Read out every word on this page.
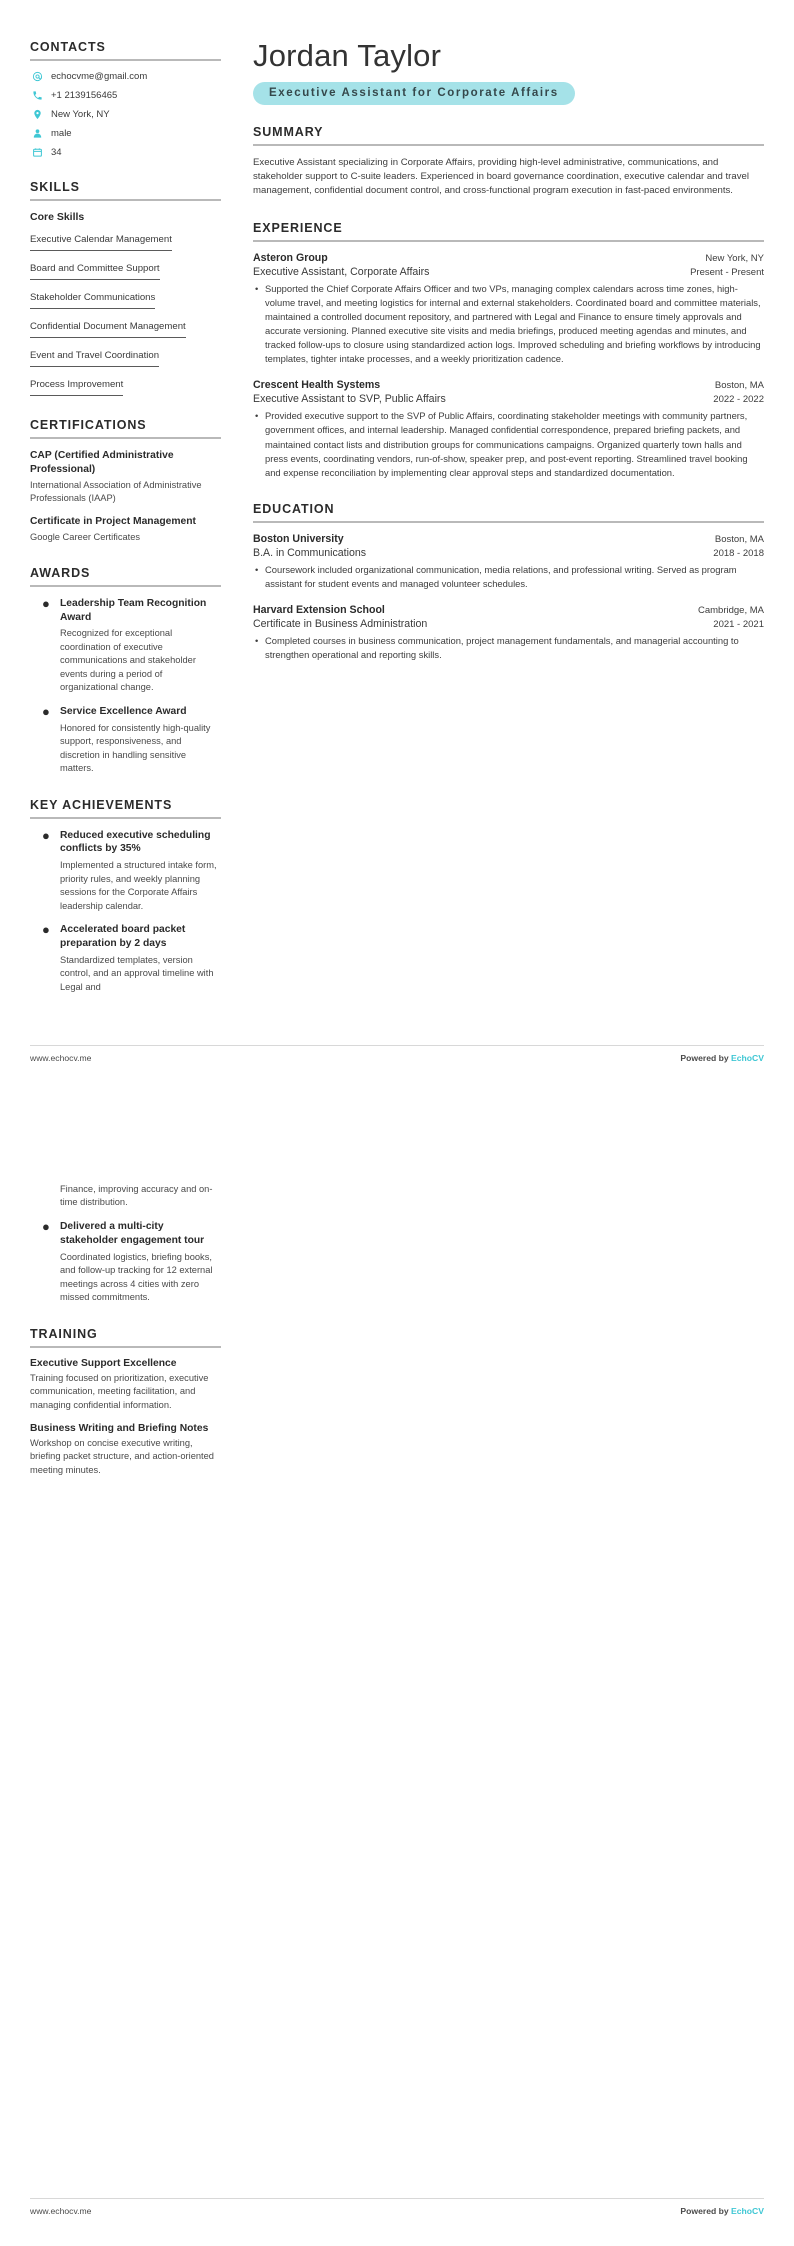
CONTACTS
echocvme@gmail.com
+1 2139156465
New York, NY
male
34
SKILLS
Core Skills
Executive Calendar Management
Board and Committee Support
Stakeholder Communications
Confidential Document Management
Event and Travel Coordination
Process Improvement
CERTIFICATIONS
CAP (Certified Administrative Professional)
International Association of Administrative Professionals (IAAP)
Certificate in Project Management
Google Career Certificates
AWARDS
● Leadership Team Recognition Award
Recognized for exceptional coordination of executive communications and stakeholder events during a period of organizational change.
● Service Excellence Award
Honored for consistently high-quality support, responsiveness, and discretion in handling sensitive matters.
KEY ACHIEVEMENTS
● Reduced executive scheduling conflicts by 35%
Implemented a structured intake form, priority rules, and weekly planning sessions for the Corporate Affairs leadership calendar.
● Accelerated board packet preparation by 2 days
Standardized templates, version control, and an approval timeline with Legal and
Jordan Taylor
Executive Assistant for Corporate Affairs
SUMMARY
Executive Assistant specializing in Corporate Affairs, providing high-level administrative, communications, and stakeholder support to C-suite leaders. Experienced in board governance coordination, executive calendar and travel management, confidential document control, and cross-functional program execution in fast-paced environments.
EXPERIENCE
Asteron Group	New York, NY
Executive Assistant, Corporate Affairs	Present - Present
• Supported the Chief Corporate Affairs Officer and two VPs, managing complex calendars across time zones, high-volume travel, and meeting logistics for internal and external stakeholders. Coordinated board and committee materials, maintained a controlled document repository, and partnered with Legal and Finance to ensure timely approvals and accurate versioning. Planned executive site visits and media briefings, produced meeting agendas and minutes, and tracked follow-ups to closure using standardized action logs. Improved scheduling and briefing workflows by introducing templates, tighter intake processes, and a weekly prioritization cadence.
Crescent Health Systems	Boston, MA
Executive Assistant to SVP, Public Affairs	2022 - 2022
• Provided executive support to the SVP of Public Affairs, coordinating stakeholder meetings with community partners, government offices, and internal leadership. Managed confidential correspondence, prepared briefing packets, and maintained contact lists and distribution groups for communications campaigns. Organized quarterly town halls and press events, coordinating vendors, run-of-show, speaker prep, and post-event reporting. Streamlined travel booking and expense reconciliation by implementing clear approval steps and standardized documentation.
EDUCATION
Boston University	Boston, MA
B.A. in Communications	2018 - 2018
• Coursework included organizational communication, media relations, and professional writing. Served as program assistant for student events and managed volunteer schedules.
Harvard Extension School	Cambridge, MA
Certificate in Business Administration	2021 - 2021
• Completed courses in business communication, project management fundamentals, and managerial accounting to strengthen operational and reporting skills.
www.echocv.me	Powered by EchoCV

Finance, improving accuracy and on-time distribution.
● Delivered a multi-city stakeholder engagement tour
Coordinated logistics, briefing books, and follow-up tracking for 12 external meetings across 4 cities with zero missed commitments.
TRAINING
Executive Support Excellence
Training focused on prioritization, executive communication, meeting facilitation, and managing confidential information.
Business Writing and Briefing Notes
Workshop on concise executive writing, briefing packet structure, and action-oriented meeting minutes.
www.echocv.me	Powered by EchoCV
